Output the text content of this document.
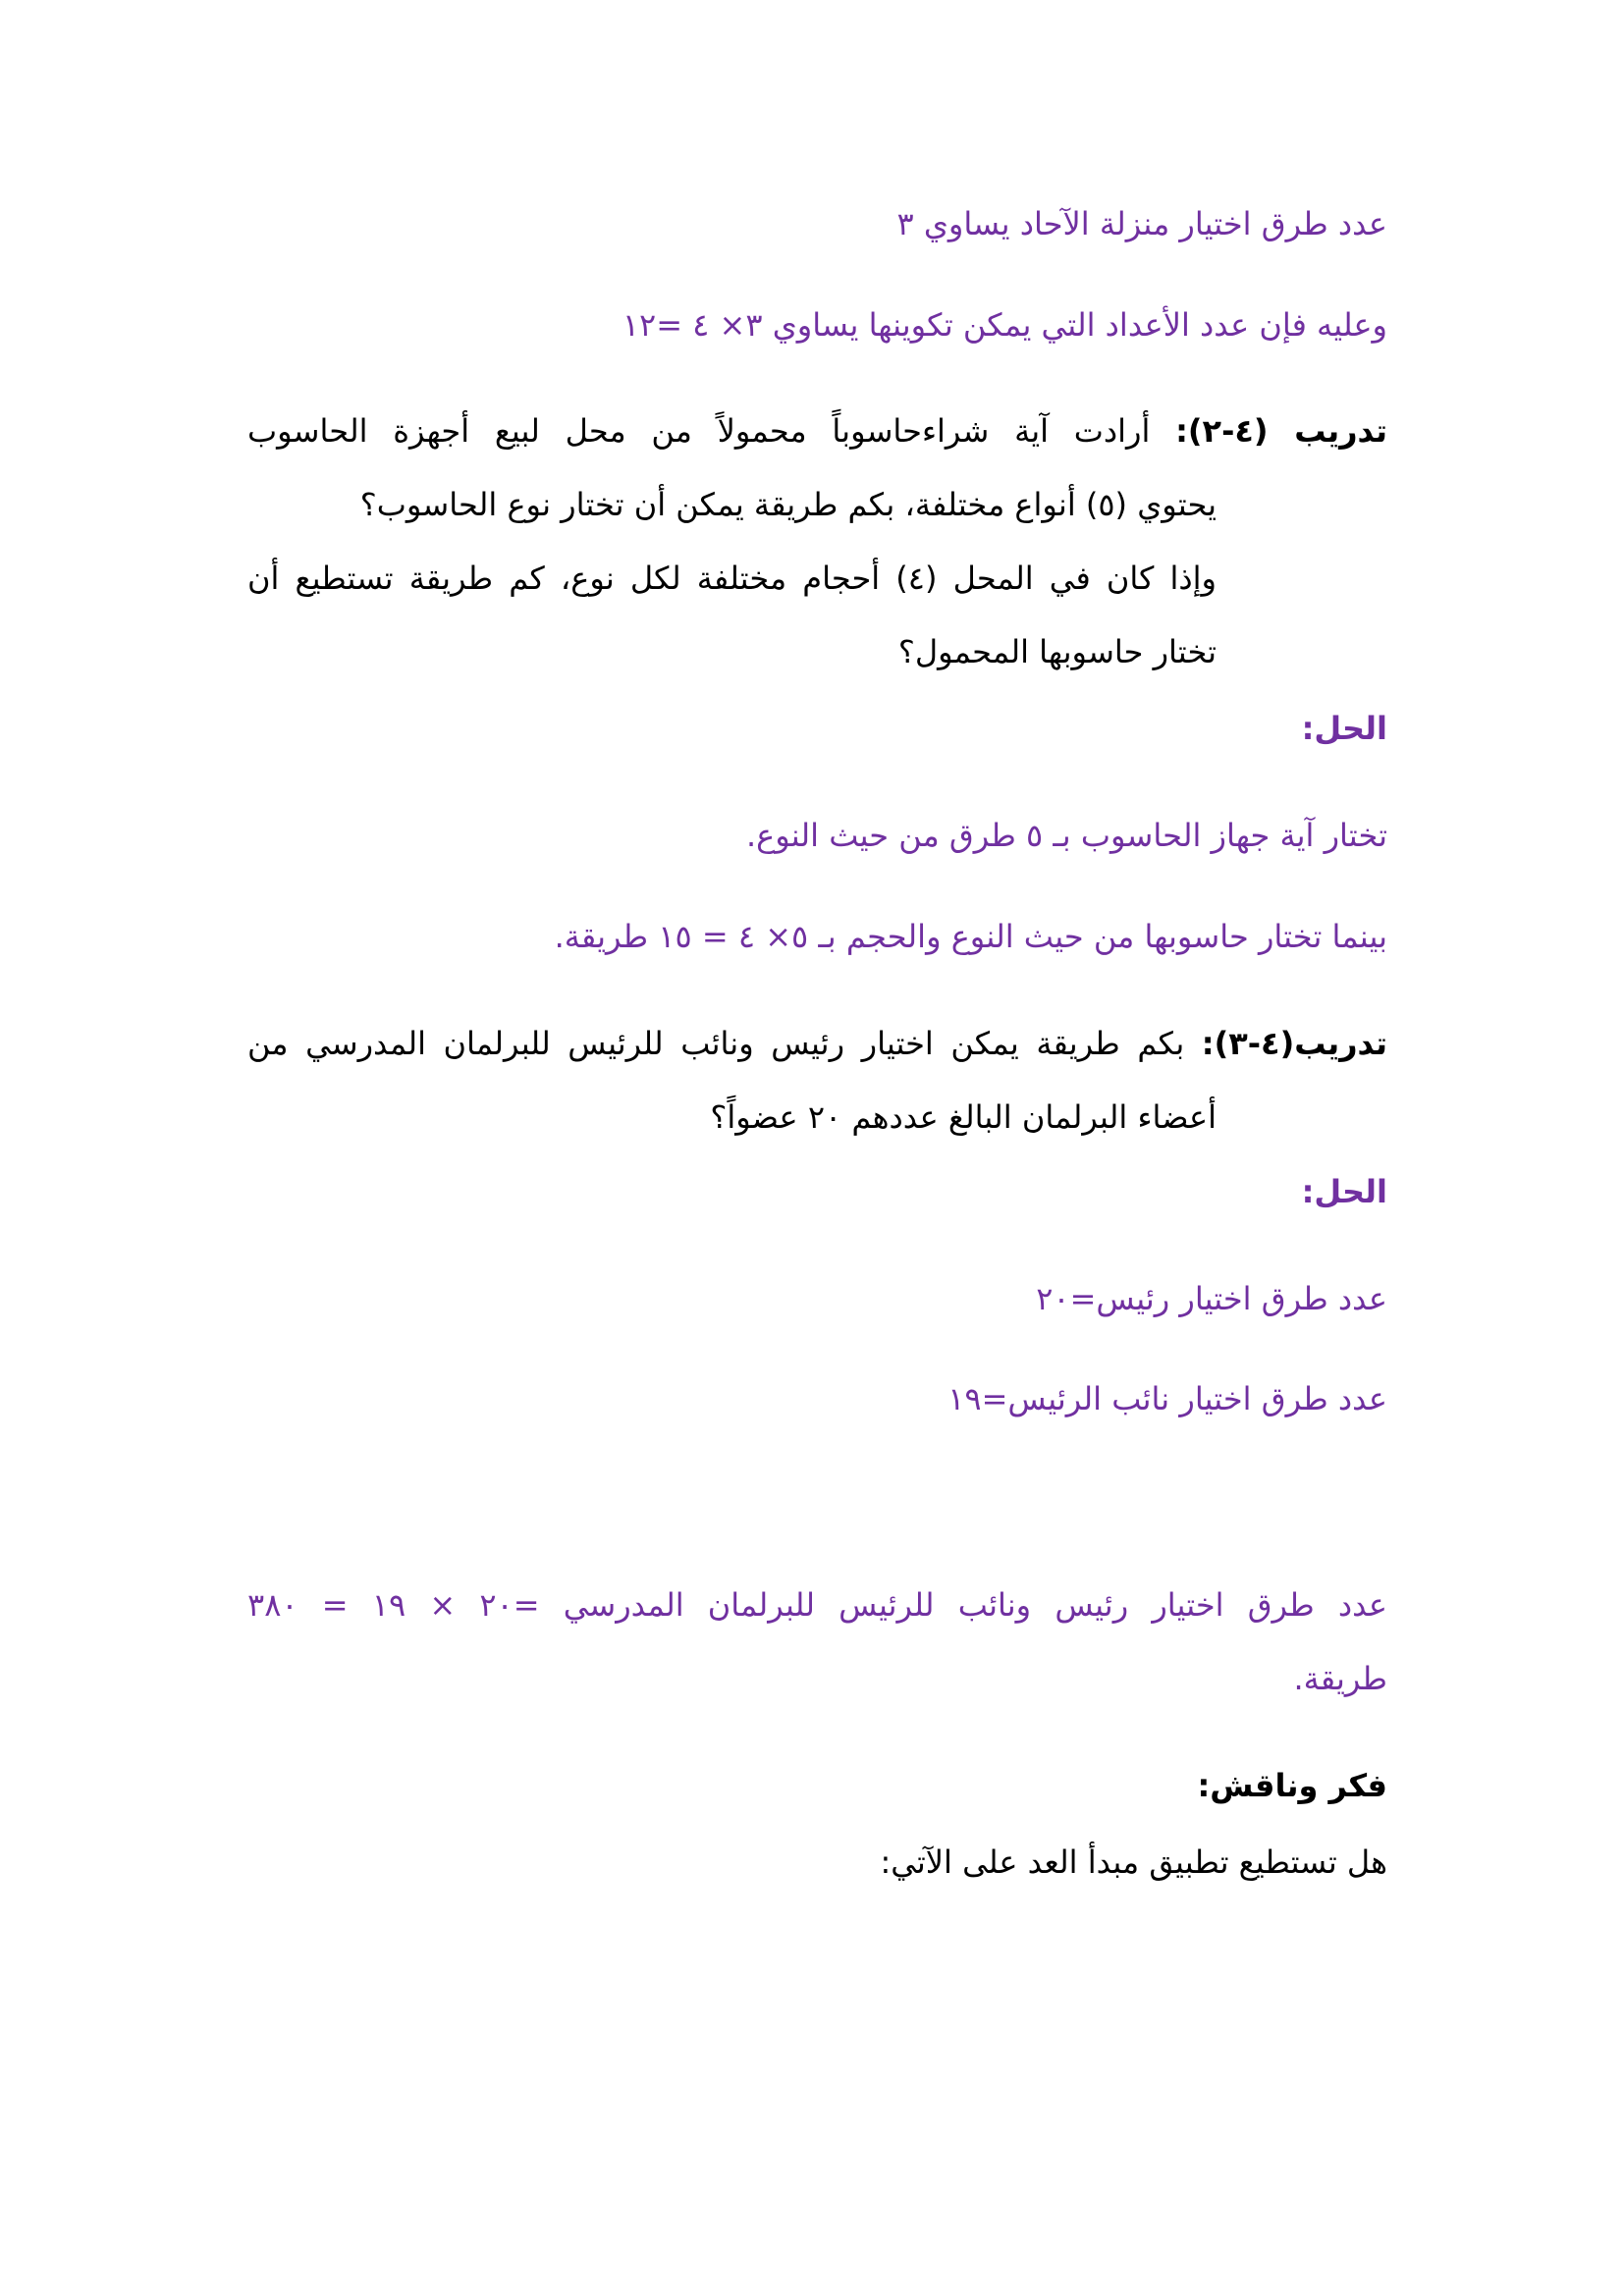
عدد طرق اختيار منزلة الآحاد يساوي ٣
وعليه فإن عدد الأعداد التي يمكن تكوينها يساوي ٣× ٤ =١٢
تدريب (٤-٢): أرادت آية شراءحاسوباً محمولاً من محل لبيع أجهزة الحاسوب
يحتوي (٥) أنواع مختلفة، بكم طريقة يمكن أن تختار نوع الحاسوب؟
وإذا كان في المحل (٤) أحجام مختلفة لكل نوع، كم طريقة تستطيع أن
تختار حاسوبها المحمول؟
الحل:
تختار آية جهاز الحاسوب بـ ٥ طرق من حيث النوع.
بينما تختار حاسوبها من حيث النوع والحجم بـ ٥× ٤ = ١٥ طريقة.
تدريب(٤-٣): بكم طريقة يمكن اختيار رئيس ونائب للرئيس للبرلمان المدرسي من
أعضاء البرلمان البالغ عددهم ٢٠ عضواً؟
الحل:
عدد طرق اختيار رئيس=٢٠
عدد طرق اختيار نائب الرئيس=١٩
عدد طرق اختيار رئيس ونائب للرئيس للبرلمان المدرسي =٢٠ × ١٩ = ٣٨٠
طريقة.
فكر وناقش:
هل تستطيع تطبيق مبدأ العد على الآتي:
